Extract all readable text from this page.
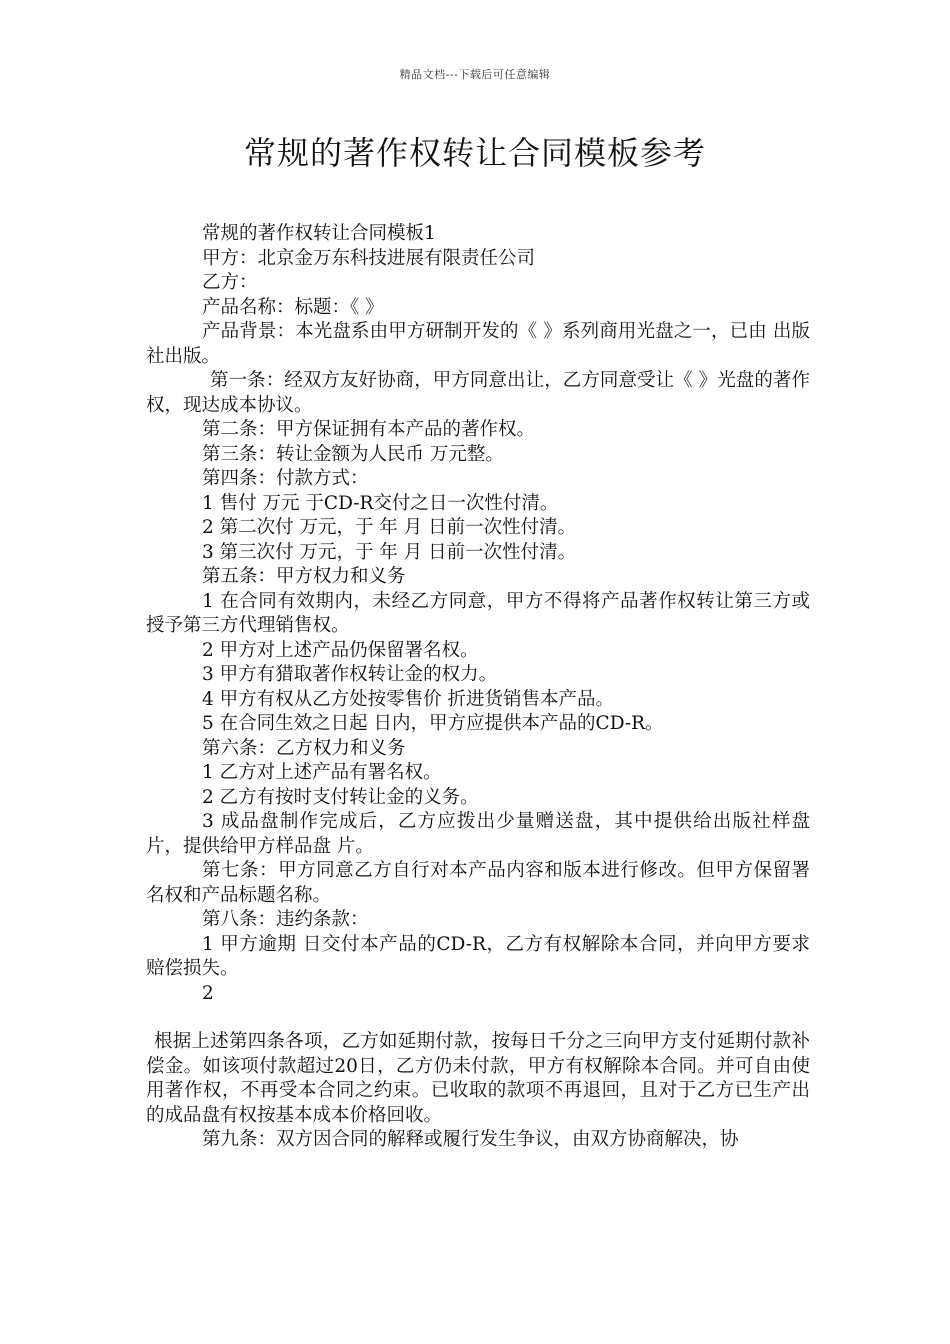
精品文档---下载后可任意编辑
常规的著作权转让合同模板参考

常规的著作权转让合同模板1

甲方：北京金万东科技进展有限责任公司

乙方：

产品名称：标题：《 》

产品背景：本光盘系由甲方研制开发的《 》系列商用光盘之一，已由 出版社出版。

第一条：经双方友好协商，甲方同意出让，乙方同意受让《 》光盘的著作权，现达成本协议。

第二条：甲方保证拥有本产品的著作权。

第三条：转让金额为人民币 万元整。

第四条：付款方式：

1 售付 万元 于CD-R交付之日一次性付清。

2 第二次付 万元，于 年 月 日前一次性付清。

3 第三次付 万元，于 年 月 日前一次性付清。

第五条：甲方权力和义务

1 在合同有效期内，未经乙方同意，甲方不得将产品著作权转让第三方或授予第三方代理销售权。

2 甲方对上述产品仍保留署名权。

3 甲方有猎取著作权转让金的权力。

4 甲方有权从乙方处按零售价 折进货销售本产品。

5 在合同生效之日起 日内，甲方应提供本产品的CD-R。

第六条：乙方权力和义务

1 乙方对上述产品有署名权。

2 乙方有按时支付转让金的义务。

3 成品盘制作完成后，乙方应拨出少量赠送盘，其中提供给出版社样盘 片，提供给甲方样品盘 片。

第七条：甲方同意乙方自行对本产品内容和版本进行修改。但甲方保留署名权和产品标题名称。

第八条：违约条款：

1 甲方逾期 日交付本产品的CD-R，乙方有权解除本合同，并向甲方要求赔偿损失。

2

根据上述第四条各项，乙方如延期付款，按每日千分之三向甲方支付延期付款补偿金。如该项付款超过20日，乙方仍未付款，甲方有权解除本合同。并可自由使用著作权，不再受本合同之约束。已收取的款项不再退回，且对于乙方已生产出的成品盘有权按基本成本价格回收。

第九条：双方因合同的解释或履行发生争议，由双方协商解决，协
